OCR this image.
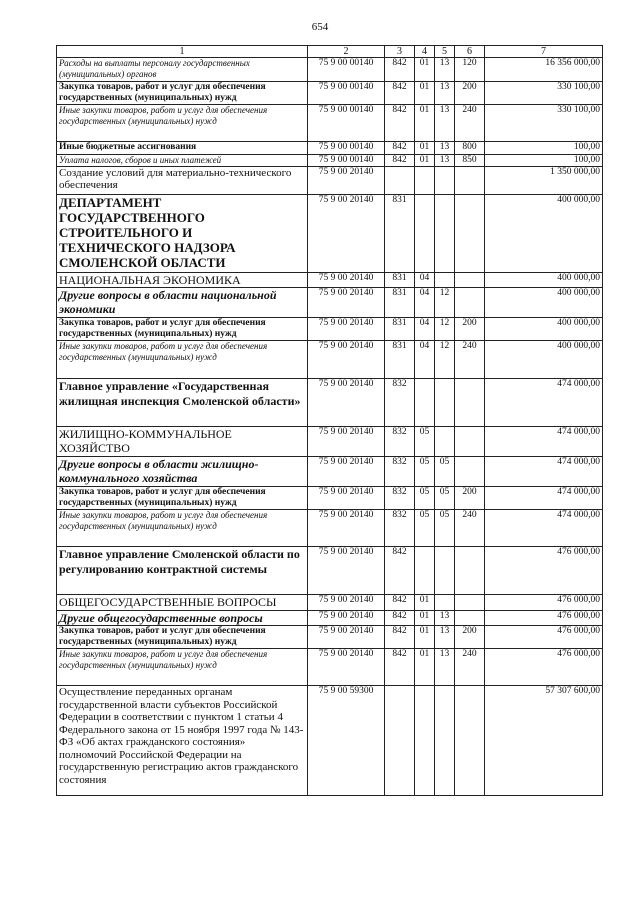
654
1	2	3	4	5	6	7
Расходы на выплаты персоналу государственных (муниципальных) органов	75 9 00 00140	842	01	13	120	16 356 000,00
Закупка товаров, работ и услуг для обеспечения государственных (муниципальных) нужд	75 9 00 00140	842	01	13	200	330 100,00
Иные закупки товаров, работ и услуг для обеспечения государственных (муниципальных) нужд	75 9 00 00140	842	01	13	240	330 100,00
Иные бюджетные ассигнования	75 9 00 00140	842	01	13	800	100,00
Уплата налогов, сборов и иных платежей	75 9 00 00140	842	01	13	850	100,00
Создание условий для материально-технического обеспечения	75 9 00 20140					1 350 000,00
ДЕПАРТАМЕНТ ГОСУДАРСТВЕННОГО СТРОИТЕЛЬНОГО И ТЕХНИЧЕСКОГО НАДЗОРА СМОЛЕНСКОЙ ОБЛАСТИ	75 9 00 20140	831				400 000,00
НАЦИОНАЛЬНАЯ ЭКОНОМИКА	75 9 00 20140	831	04			400 000,00
Другие вопросы в области национальной экономики	75 9 00 20140	831	04	12		400 000,00
Закупка товаров, работ и услуг для обеспечения государственных (муниципальных) нужд	75 9 00 20140	831	04	12	200	400 000,00
Иные закупки товаров, работ и услуг для обеспечения государственных (муниципальных) нужд	75 9 00 20140	831	04	12	240	400 000,00
Главное управление «Государственная жилищная инспекция Смоленской области»	75 9 00 20140	832				474 000,00
ЖИЛИЩНО-КОММУНАЛЬНОЕ ХОЗЯЙСТВО	75 9 00 20140	832	05			474 000,00
Другие вопросы в области жилищно-коммунального хозяйства	75 9 00 20140	832	05	05		474 000,00
Закупка товаров, работ и услуг для обеспечения государственных (муниципальных) нужд	75 9 00 20140	832	05	05	200	474 000,00
Иные закупки товаров, работ и услуг для обеспечения государственных (муниципальных) нужд	75 9 00 20140	832	05	05	240	474 000,00
Главное управление Смоленской области по регулированию контрактной системы	75 9 00 20140	842				476 000,00
ОБЩЕГОСУДАРСТВЕННЫЕ ВОПРОСЫ	75 9 00 20140	842	01			476 000,00
Другие общегосударственные вопросы	75 9 00 20140	842	01	13		476 000,00
Закупка товаров, работ и услуг для обеспечения государственных (муниципальных) нужд	75 9 00 20140	842	01	13	200	476 000,00
Иные закупки товаров, работ и услуг для обеспечения государственных (муниципальных) нужд	75 9 00 20140	842	01	13	240	476 000,00
Осуществление переданных органам государственной власти субъектов Российской Федерации в соответствии с пунктом 1 статьи 4 Федерального закона от 15 ноября 1997 года № 143-ФЗ «Об актах гражданского состояния» полномочий Российской Федерации на государственную регистрацию актов гражданского состояния	75 9 00 59300					57 307 600,00
